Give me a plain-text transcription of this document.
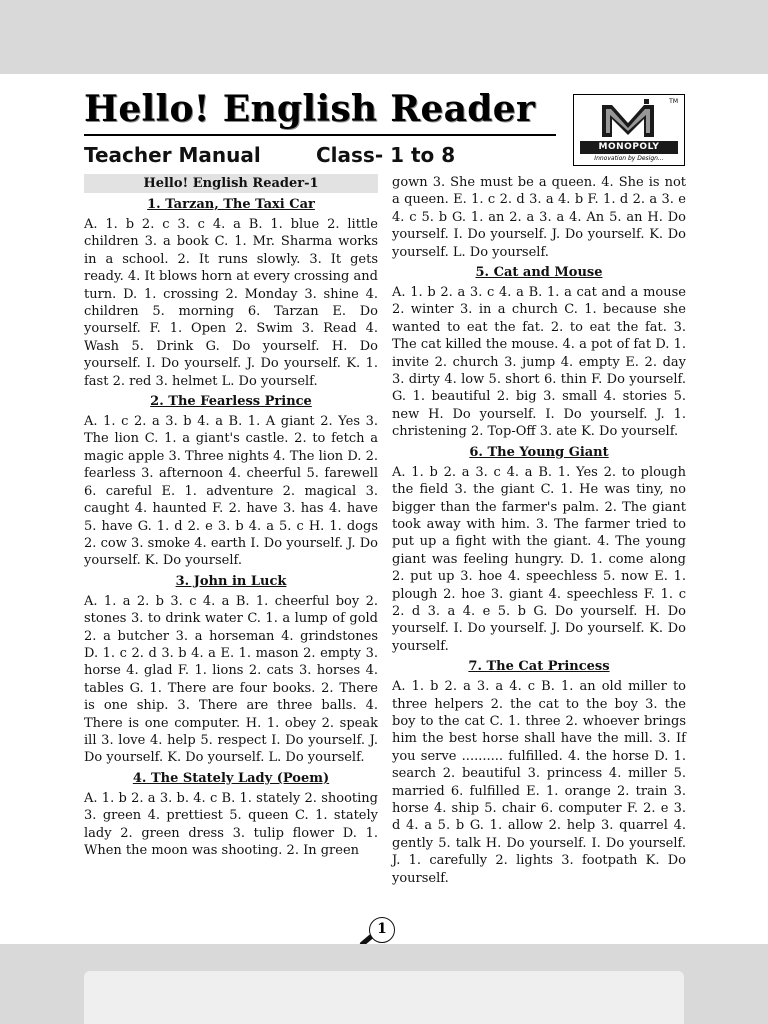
Hello! English Reader
Teacher Manual	Class- 1 to 8
TM
MONOPOLY
Innovation by Design...
Hello! English Reader-1
1. Tarzan, The Taxi Car
A. 1. b 2. c 3. c 4. a B. 1. blue 2. little children 3. a book C. 1. Mr. Sharma works in a school. 2. It runs slowly. 3. It gets ready. 4. It blows horn at every crossing and turn. D. 1. crossing 2. Monday 3. shine 4. children 5. morning 6. Tarzan E. Do yourself. F. 1. Open 2. Swim 3. Read 4. Wash 5. Drink G. Do yourself. H. Do yourself. I. Do yourself. J. Do yourself. K. 1. fast 2. red 3. helmet L. Do yourself.
2. The Fearless Prince
A. 1. c 2. a 3. b 4. a B. 1. A giant 2. Yes 3. The lion C. 1. a giant's castle. 2. to fetch a magic apple 3. Three nights 4. The lion D. 2. fearless 3. afternoon 4. cheerful 5. farewell 6. careful E. 1. adventure 2. magical 3. caught 4. haunted F. 2. have 3. has 4. have 5. have G. 1. d 2. e 3. b 4. a 5. c H. 1. dogs 2. cow 3. smoke 4. earth I. Do yourself. J. Do yourself. K. Do yourself.
3. John in Luck
A. 1. a 2. b 3. c 4. a B. 1. cheerful boy 2. stones 3. to drink water C. 1. a lump of gold 2. a butcher 3. a horseman 4. grindstones D. 1. c 2. d 3. b 4. a E. 1. mason 2. empty 3. horse 4. glad F. 1. lions 2. cats 3. horses 4. tables G. 1. There are four books. 2. There is one ship. 3. There are three balls. 4. There is one computer. H. 1. obey 2. speak ill 3. love 4. help 5. respect I. Do yourself. J. Do yourself. K. Do yourself. L. Do yourself.
4. The Stately Lady (Poem)
A. 1. b 2. a 3. b. 4. c B. 1. stately 2. shooting 3. green 4. prettiest 5. queen C. 1. stately lady 2. green dress 3. tulip flower D. 1. When the moon was shooting. 2. In green
gown 3. She must be a queen. 4. She is not a queen. E. 1. c 2. d 3. a 4. b F. 1. d 2. a 3. e 4. c 5. b G. 1. an 2. a 3. a 4. An 5. an H. Do yourself. I. Do yourself. J. Do yourself. K. Do yourself. L. Do yourself.
5. Cat and Mouse
A. 1. b 2. a 3. c 4. a B. 1. a cat and a mouse 2. winter 3. in a church C. 1. because she wanted to eat the fat. 2. to eat the fat. 3. The cat killed the mouse. 4. a pot of fat D. 1. invite 2. church 3. jump 4. empty E. 2. day 3. dirty 4. low 5. short 6. thin F. Do yourself. G. 1. beautiful 2. big 3. small 4. stories 5. new H. Do yourself. I. Do yourself. J. 1. christening 2. Top-Off 3. ate K. Do yourself.
6. The Young Giant
A. 1. b 2. a 3. c 4. a B. 1. Yes 2. to plough the field 3. the giant C. 1. He was tiny, no bigger than the farmer's palm. 2. The giant took away with him. 3. The farmer tried to put up a fight with the giant. 4. The young giant was feeling hungry. D. 1. come along 2. put up 3. hoe 4. speechless 5. now E. 1. plough 2. hoe 3. giant 4. speechless F. 1. c 2. d 3. a 4. e 5. b G. Do yourself. H. Do yourself. I. Do yourself. J. Do yourself. K. Do yourself.
7. The Cat Princess
A. 1. b 2. a 3. a 4. c B. 1. an old miller to three helpers 2. the cat to the boy 3. the boy to the cat C. 1. three 2. whoever brings him the best horse shall have the mill. 3. If you serve .......... fulfilled. 4. the horse D. 1. search 2. beautiful 3. princess 4. miller 5. married 6. fulfilled E. 1. orange 2. train 3. horse 4. ship 5. chair 6. computer F. 2. e 3. d 4. a 5. b G. 1. allow 2. help 3. quarrel 4. gently 5. talk H. Do yourself. I. Do yourself. J. 1. carefully 2. lights 3. footpath K. Do yourself.
1
